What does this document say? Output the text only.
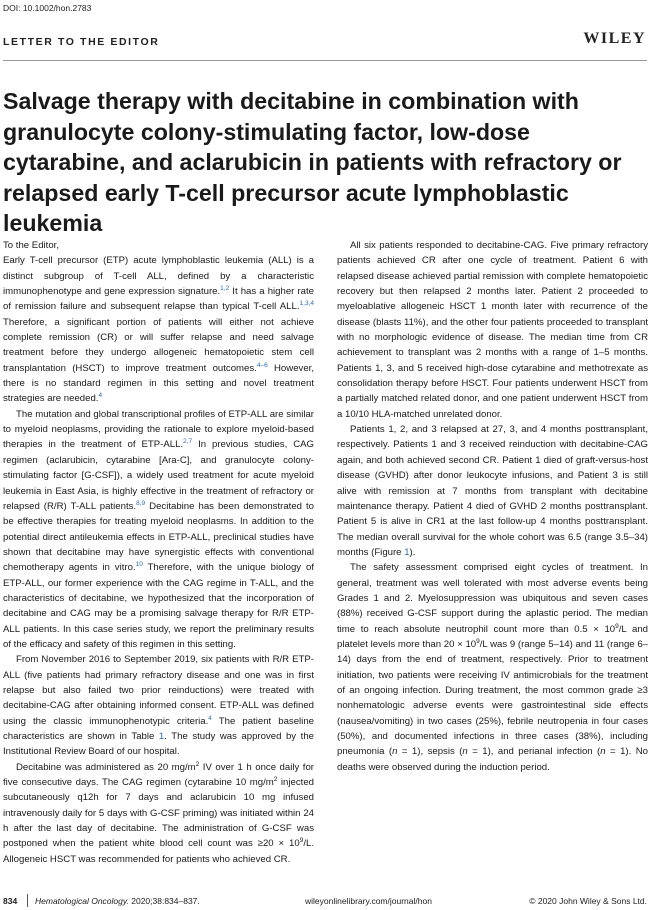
DOI: 10.1002/hon.2783
LETTER TO THE EDITOR	WILEY
Salvage therapy with decitabine in combination with granulocyte colony-stimulating factor, low-dose cytarabine, and aclarubicin in patients with refractory or relapsed early T-cell precursor acute lymphoblastic leukemia

To the Editor,

Early T-cell precursor (ETP) acute lymphoblastic leukemia (ALL) is a distinct subgroup of T-cell ALL, defined by a characteristic immunophenotype and gene expression signature.$^{1,2}$ It has a higher rate of remission failure and subsequent relapse than typical T-cell ALL.$^{1,3,4}$ Therefore, a significant portion of patients will either not achieve complete remission (CR) or will suffer relapse and need salvage treatment before they undergo allogeneic hematopoietic stem cell transplantation (HSCT) to improve treatment outcomes.$^{4-6}$ However, there is no standard regimen in this setting and novel treatment strategies are needed.$^4$

The mutation and global transcriptional profiles of ETP-ALL are similar to myeloid neoplasms, providing the rationale to explore myeloid-based therapies in the treatment of ETP-ALL.$^{2,7}$ In previous studies, CAG regimen (aclarubicin, cytarabine [Ara-C], and granulocyte colony-stimulating factor [G-CSF]), a widely used treatment for acute myeloid leukemia in East Asia, is highly effective in the treatment of refractory or relapsed (R/R) T-ALL patients.$^{8,9}$ Decitabine has been demonstrated to be effective therapies for treating myeloid neoplasms. In addition to the potential direct antileukemia effects in ETP-ALL, preclinical studies have shown that decitabine may have synergistic effects with conventional chemotherapy agents in vitro.$^{10}$ Therefore, with the unique biology of ETP-ALL, our former experience with the CAG regime in T-ALL, and the characteristics of decitabine, we hypothesized that the incorporation of decitabine and CAG may be a promising salvage therapy for R/R ETP-ALL patients. In this case series study, we report the preliminary results of the efficacy and safety of this regimen in this setting.

From November 2016 to September 2019, six patients with R/R ETP-ALL (five patients had primary refractory disease and one was in first relapse but also failed two prior reinductions) were treated with decitabine-CAG after obtaining informed consent. ETP-ALL was defined using the classic immunophenotypic criteria.$^4$ The patient baseline characteristics are shown in Table 1. The study was approved by the Institutional Review Board of our hospital.

Decitabine was administered as 20 $mg/m^2$ IV over 1 h once daily for five consecutive days. The CAG regimen (cytarabine 10 $mg/m^2$ injected subcutaneously q12h for 7 days and aclarubicin 10 mg infused intravenously daily for 5 days with G-CSF priming) was initiated within 24 h after the last day of decitabine. The administration of G-CSF was postponed when the patient white blood cell count was $\ge 20 \times 10^9/L$. Allogeneic HSCT was recommended for patients who achieved CR.

All six patients responded to decitabine-CAG. Five primary refractory patients achieved CR after one cycle of treatment. Patient 6 with relapsed disease achieved partial remission with complete hematopoietic recovery but then relapsed 2 months later. Patient 2 proceeded to myeloablative allogeneic HSCT 1 month later with recurrence of the disease (blasts 11%), and the other four patients proceeded to transplant with no morphologic evidence of disease. The median time from CR achievement to transplant was 2 months with a range of 1–5 months. Patients 1, 3, and 5 received high-dose cytarabine and methotrexate as consolidation therapy before HSCT. Four patients underwent HSCT from a partially matched related donor, and one patient underwent HSCT from a 10/10 HLA-matched unrelated donor.

Patients 1, 2, and 3 relapsed at 27, 3, and 4 months posttransplant, respectively. Patients 1 and 3 received reinduction with decitabine-CAG again, and both achieved second CR. Patient 1 died of graft-versus-host disease (GVHD) after donor leukocyte infusions, and Patient 3 is still alive with remission at 7 months from transplant with decitabine maintenance therapy. Patient 4 died of GVHD 2 months posttransplant. Patient 5 is alive in CR1 at the last follow-up 4 months posttransplant. The median overall survival for the whole cohort was 6.5 (range 3.5–34) months (Figure 1).

The safety assessment comprised eight cycles of treatment. In general, treatment was well tolerated with most adverse events being Grades 1 and 2. Myelosuppression was ubiquitous and seven cases (88%) received G-CSF support during the aplastic period. The median time to reach absolute neutrophil count more than $0.5 \times 10^9/L$ and platelet levels more than $20 \times 10^9/L$ was 9 (range 5–14) and 11 (range 6–14) days from the end of treatment, respectively. Prior to treatment initiation, two patients were receiving IV antimicrobials for the treatment of an ongoing infection. During treatment, the most common grade ≥3 nonhematologic adverse events were gastrointestinal side effects (nausea/vomiting) in two cases (25%), febrile neutropenia in four cases (50%), and documented infections in three cases (38%), including pneumonia (n = 1), sepsis (n = 1), and perianal infection (n = 1). No deaths were observed during the induction period.

834 Hematological Oncology. 2020;38:834–837.	wileyonlinelibrary.com/journal/hon	© 2020 John Wiley & Sons Ltd.
